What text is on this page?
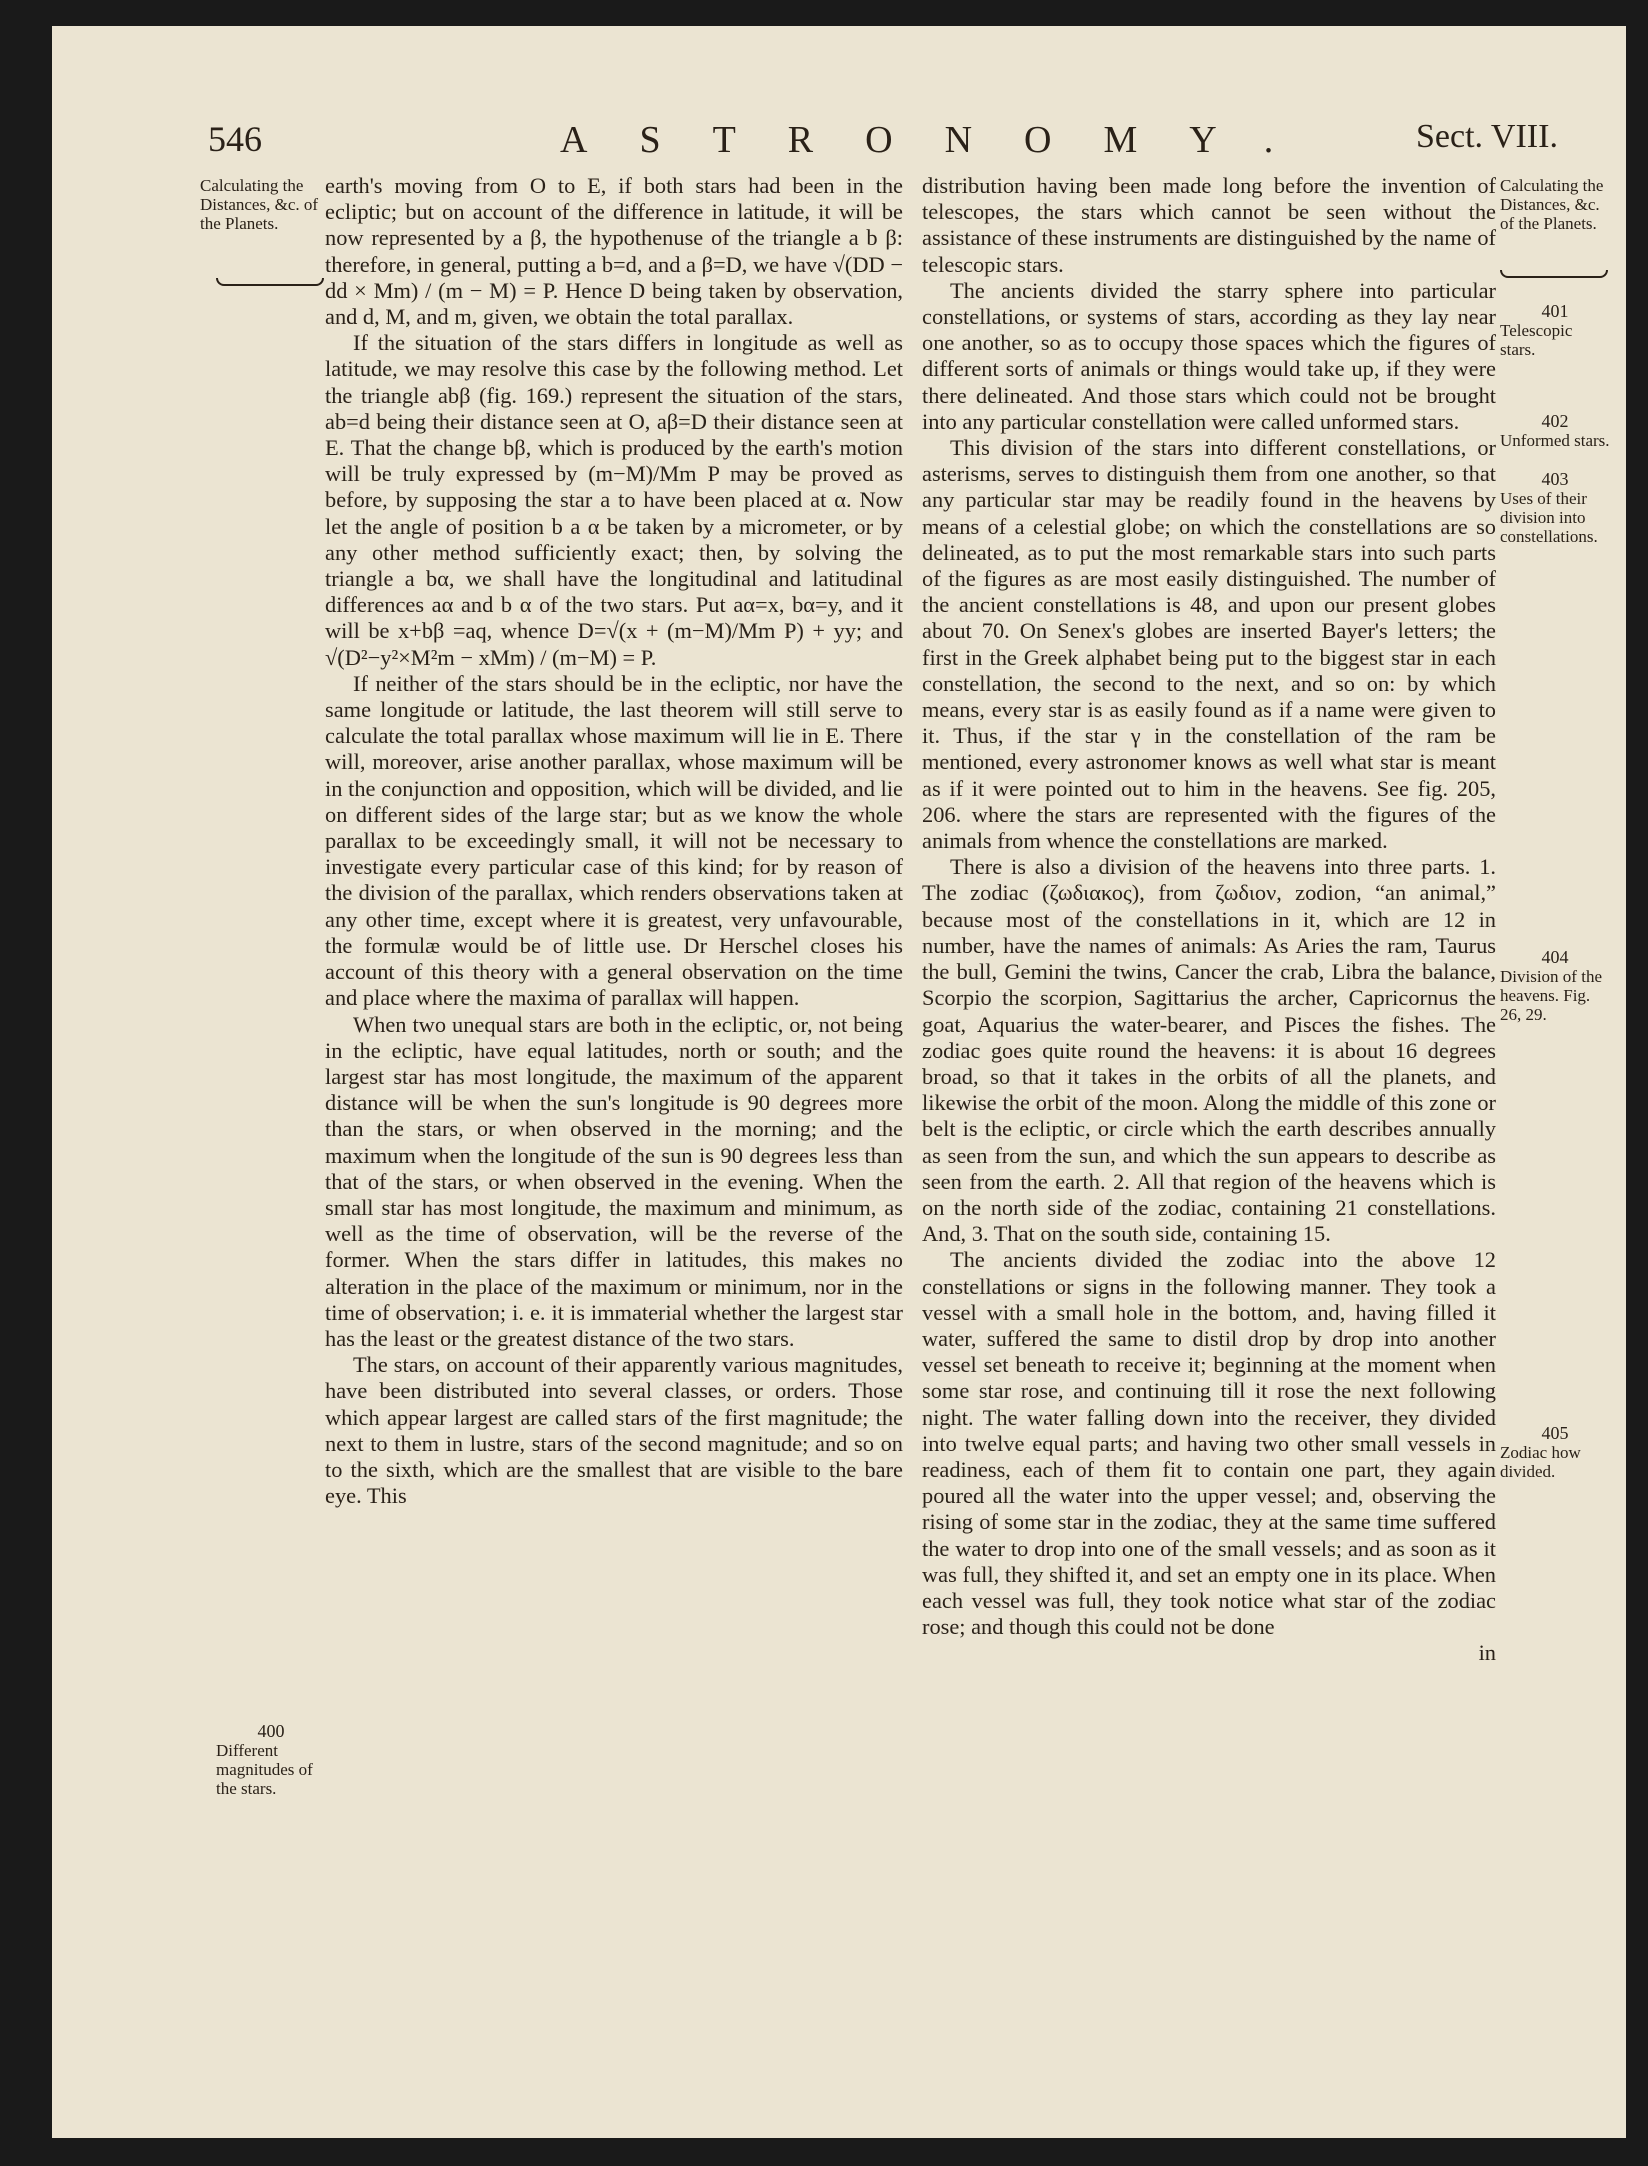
546	ASTRONOMY.	Sect. VIII.
Calculating the Distances, &c. of the Planets.
400
Different magnitudes of the stars.
Calculating the Distances, &c. of the Planets.
401
Telescopic stars.
402
Unformed stars.
403
Uses of their division into constellations.
404
Division of the heavens. Fig. 26, 29.
405
Zodiac how divided.

earth's moving from O to E, if both stars had been in the ecliptic; but on account of the difference in latitude, it will be now represented by a β, the hypothenuse of the triangle a b β: therefore, in general, putting a b=d, and a β=D, we have √(DD − dd × Mm) / (m − M) = P. Hence D being taken by observation, and d, M, and m, given, we obtain the total parallax.

If the situation of the stars differs in longitude as well as latitude, we may resolve this case by the following method. Let the triangle abβ (fig. 169.) represent the situation of the stars, ab=d being their distance seen at O, aβ=D their distance seen at E. That the change bβ, which is produced by the earth's motion will be truly expressed by (m−M)/Mm P may be proved as before, by supposing the star a to have been placed at α. Now let the angle of position b a α be taken by a micrometer, or by any other method sufficiently exact; then, by solving the triangle a bα, we shall have the longitudinal and latitudinal differences aα and b α of the two stars. Put aα=x, bα=y, and it will be x+bβ =aq, whence D=√(x + (m−M)/Mm P) + yy; and √(D²−y²×M²m − xMm) / (m−M) = P.

If neither of the stars should be in the ecliptic, nor have the same longitude or latitude, the last theorem will still serve to calculate the total parallax whose maximum will lie in E. There will, moreover, arise another parallax, whose maximum will be in the conjunction and opposition, which will be divided, and lie on different sides of the large star; but as we know the whole parallax to be exceedingly small, it will not be necessary to investigate every particular case of this kind; for by reason of the division of the parallax, which renders observations taken at any other time, except where it is greatest, very unfavourable, the formulæ would be of little use. Dr Herschel closes his account of this theory with a general observation on the time and place where the maxima of parallax will happen.

When two unequal stars are both in the ecliptic, or, not being in the ecliptic, have equal latitudes, north or south; and the largest star has most longitude, the maximum of the apparent distance will be when the sun's longitude is 90 degrees more than the stars, or when observed in the morning; and the maximum when the longitude of the sun is 90 degrees less than that of the stars, or when observed in the evening. When the small star has most longitude, the maximum and minimum, as well as the time of observation, will be the reverse of the former. When the stars differ in latitudes, this makes no alteration in the place of the maximum or minimum, nor in the time of observation; i. e. it is immaterial whether the largest star has the least or the greatest distance of the two stars.

The stars, on account of their apparently various magnitudes, have been distributed into several classes, or orders. Those which appear largest are called stars of the first magnitude; the next to them in lustre, stars of the second magnitude; and so on to the sixth, which are the smallest that are visible to the bare eye. This

distribution having been made long before the invention of telescopes, the stars which cannot be seen without the assistance of these instruments are distinguished by the name of telescopic stars.

The ancients divided the starry sphere into particular constellations, or systems of stars, according as they lay near one another, so as to occupy those spaces which the figures of different sorts of animals or things would take up, if they were there delineated. And those stars which could not be brought into any particular constellation were called unformed stars.

This division of the stars into different constellations, or asterisms, serves to distinguish them from one another, so that any particular star may be readily found in the heavens by means of a celestial globe; on which the constellations are so delineated, as to put the most remarkable stars into such parts of the figures as are most easily distinguished. The number of the ancient constellations is 48, and upon our present globes about 70. On Senex's globes are inserted Bayer's letters; the first in the Greek alphabet being put to the biggest star in each constellation, the second to the next, and so on: by which means, every star is as easily found as if a name were given to it. Thus, if the star γ in the constellation of the ram be mentioned, every astronomer knows as well what star is meant as if it were pointed out to him in the heavens. See fig. 205, 206. where the stars are represented with the figures of the animals from whence the constellations are marked.

There is also a division of the heavens into three parts. 1. The zodiac (ζωδιακος), from ζωδιον, zodion, “an animal,” because most of the constellations in it, which are 12 in number, have the names of animals: As Aries the ram, Taurus the bull, Gemini the twins, Cancer the crab, Libra the balance, Scorpio the scorpion, Sagittarius the archer, Capricornus the goat, Aquarius the water-bearer, and Pisces the fishes. The zodiac goes quite round the heavens: it is about 16 degrees broad, so that it takes in the orbits of all the planets, and likewise the orbit of the moon. Along the middle of this zone or belt is the ecliptic, or circle which the earth describes annually as seen from the sun, and which the sun appears to describe as seen from the earth. 2. All that region of the heavens which is on the north side of the zodiac, containing 21 constellations. And, 3. That on the south side, containing 15.

The ancients divided the zodiac into the above 12 constellations or signs in the following manner. They took a vessel with a small hole in the bottom, and, having filled it water, suffered the same to distil drop by drop into another vessel set beneath to receive it; beginning at the moment when some star rose, and continuing till it rose the next following night. The water falling down into the receiver, they divided into twelve equal parts; and having two other small vessels in readiness, each of them fit to contain one part, they again poured all the water into the upper vessel; and, observing the rising of some star in the zodiac, they at the same time suffered the water to drop into one of the small vessels; and as soon as it was full, they shifted it, and set an empty one in its place. When each vessel was full, they took notice what star of the zodiac rose; and though this could not be done

in
